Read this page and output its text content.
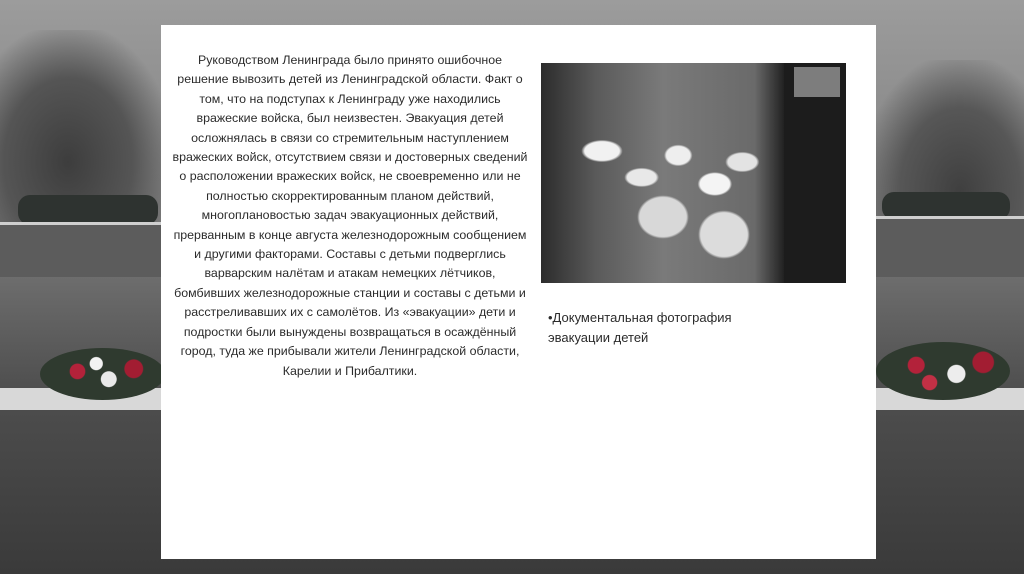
Руководством Ленинграда было принято ошибочное решение вывозить детей из Ленинградской области. Факт о том, что на подступах к Ленинграду уже находились вражеские войска, был неизвестен. Эвакуация детей осложнялась в связи со стремительным наступлением вражеских войск, отсутствием связи и достоверных сведений о расположении вражеских войск, не своевременно или не полностью скорректированным планом действий, многоплановостью задач эвакуационных действий, прерванным в конце августа железнодорожным сообщением и другими факторами. Составы с детьми подверглись варварским налётам и атакам немецких лётчиков, бомбивших железнодорожные станции и составы с детьми и расстреливавших их с самолётов. Из «эвакуации» дети и подростки были вынуждены возвращаться в осаждённый город, туда же прибывали жители Ленинградской области, Карелии и Прибалтики.
•Документальная фотография
эвакуации детей
